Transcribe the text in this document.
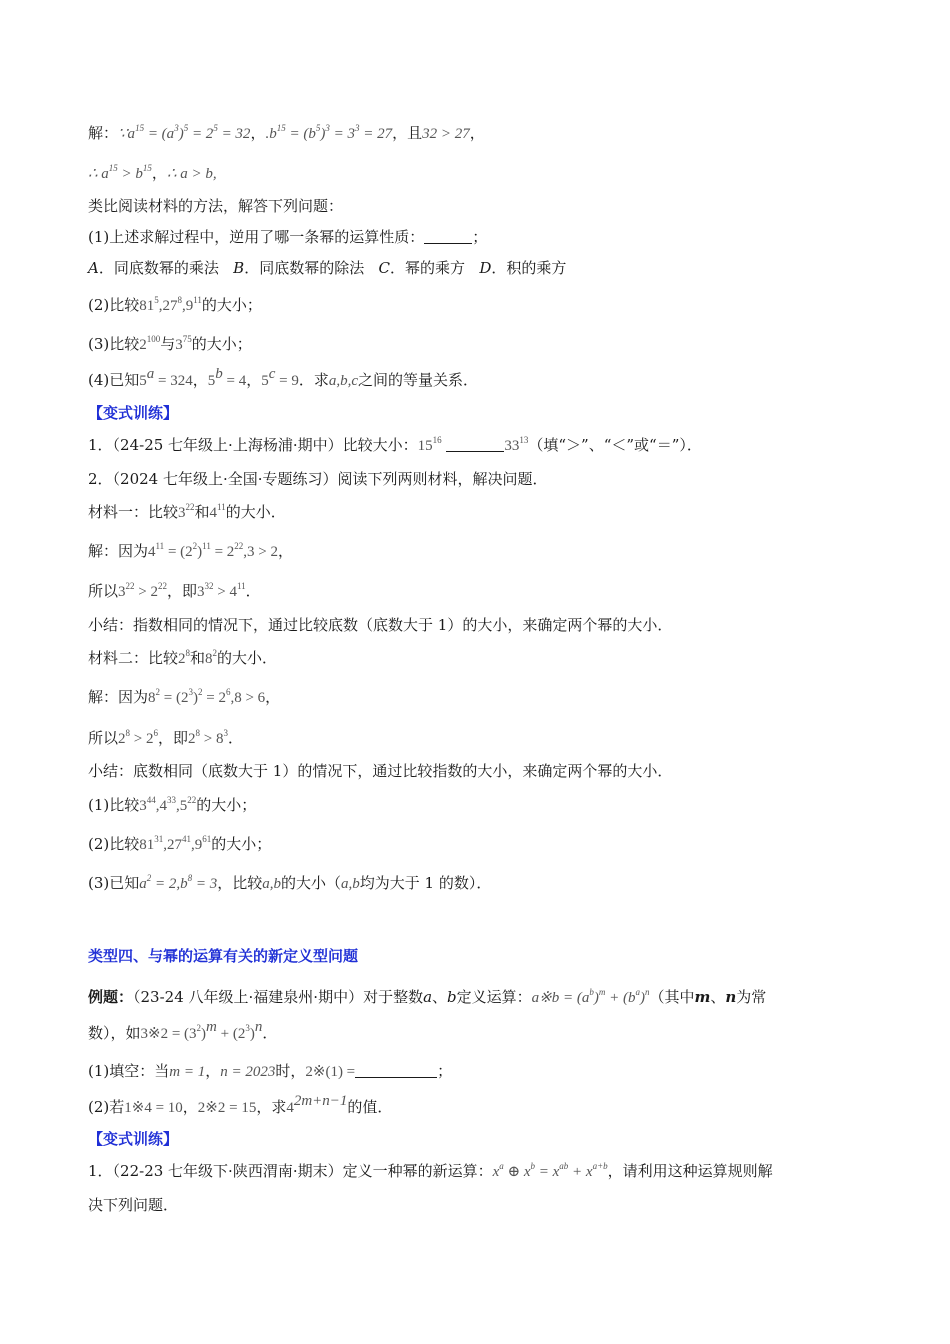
解：$\because a^{15} = (a^3)^5 = 2^5 = 32$，$.b^{15} = (b^5)^3 = 3^3 = 27$，且32 > 27，
∴ $a^{15} > b^{15}$，∴ a > b,
类比阅读材料的方法，解答下列问题：
(1)上述求解过程中，逆用了哪一条幂的运算性质：	；
A．同底数幂的乘法 B．同底数幂的除法 C．幂的乘方 D．积的乘方
(2)比较$81^5,27^8,9^{11}$的大小；
(3)比较$2^{100}$与$3^{75}$的大小；
(4)已知$5^a = 324$，$5^b = 4$，$5^c = 9$．求a,b,c之间的等量关系．
【变式训练】
1．（24-25 七年级上·上海杨浦·期中）比较大小：$15^{16}$	$33^{13}$（填“＞”、“＜”或“＝”）．
2．（2024 七年级上·全国·专题练习）阅读下列两则材料，解决问题．
材料一：比较$3^{22}$和$4^{11}$的大小．
解：因为$4^{11} = (2^2)^{11} = 2^{22},3 > 2$，
所以$3^{22} > 2^{22}$，即$3^{32} > 4^{11}$．
小结：指数相同的情况下，通过比较底数（底数大于 1）的大小，来确定两个幂的大小．
材料二：比较$2^8$和$8^2$的大小．
解：因为$8^2 = (2^3)^2 = 2^6,8 > 6$，
所以$2^8 > 2^6$，即$2^8 > 8^3$．
小结：底数相同（底数大于 1）的情况下，通过比较指数的大小，来确定两个幂的大小．
(1)比较$3^{44},4^{33},5^{22}$的大小；
(2)比较$81^{31},27^{41},9^{61}$的大小；
(3)已知$a^2 = 2,b^8 = 3$，比较a,b的大小（a,b均为大于 1 的数）．
类型四、与幂的运算有关的新定义型问题
例题：（23-24 八年级上·福建泉州·期中）对于整数a、b定义运算：a※b = $(a^b)^m + (b^a)^n$（其中m、n为常
数），如3※2 = $(3^2)^m + (2^3)^n$．
(1)填空：当m = 1，n = 2023时，2※(1) =	；
(2)若1※4 = 10，2※2 = 15，求$4^{2m+n-1}$的值．
【变式训练】
1．（22-23 七年级下·陕西渭南·期末）定义一种幂的新运算：$x^a$ ⊕ $x^b = x^{ab} + x^{a+b}$，请利用这种运算规则解
决下列问题．
